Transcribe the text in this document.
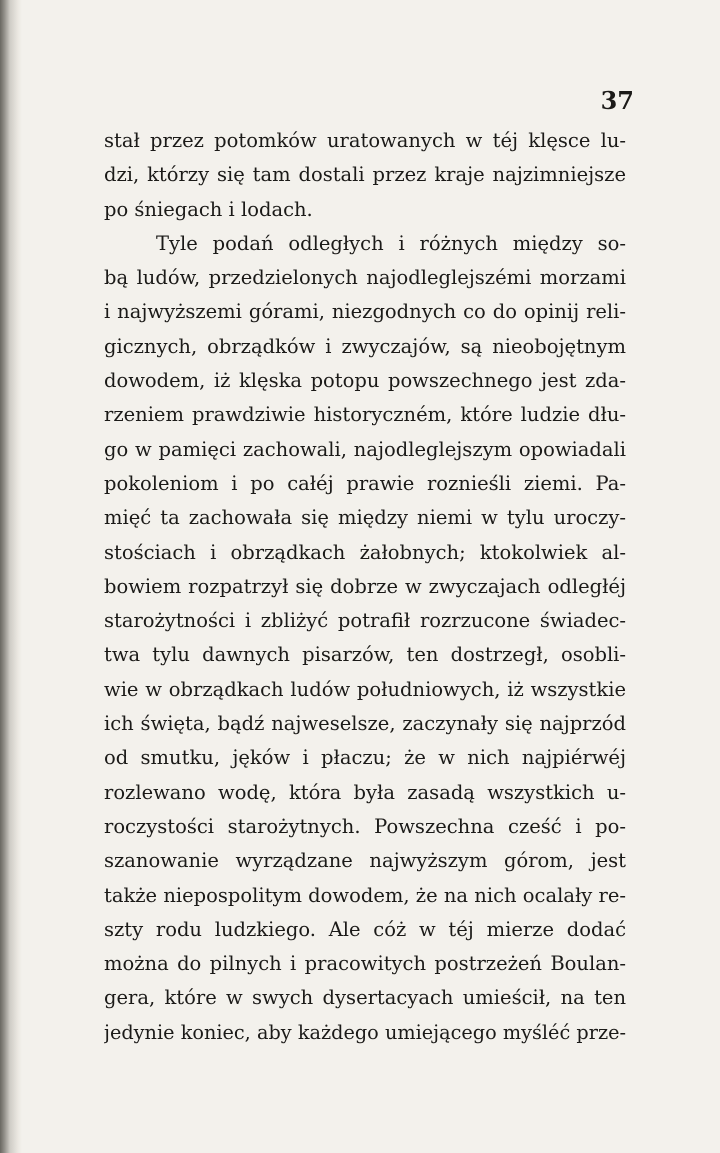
37
stał przez potomków uratowanych w téj klęsce lu-
dzi, którzy się tam dostali przez kraje najzimniejsze
po śniegach i lodach.
Tyle podań odległych i różnych między so-
bą ludów, przedzielonych najodleglejszémi morzami
i najwyższemi górami, niezgodnych co do opinij reli-
gicznych, obrządków i zwyczajów, są nieobojętnym
dowodem, iż klęska potopu powszechnego jest zda-
rzeniem prawdziwie historyczném, które ludzie dłu-
go w pamięci zachowali, najodleglejszym opowiadali
pokoleniom i po całéj prawie roznieśli ziemi. Pa-
mięć ta zachowała się między niemi w tylu uroczy-
stościach i obrządkach żałobnych; ktokolwiek al-
bowiem rozpatrzył się dobrze w zwyczajach odległéj
starożytności i zbliżyć potrafił rozrzucone świadec-
twa tylu dawnych pisarzów, ten dostrzegł, osobli-
wie w obrządkach ludów południowych, iż wszystkie
ich święta, bądź najweselsze, zaczynały się najprzód
od smutku, jęków i płaczu; że w nich najpiérwéj
rozlewano wodę, która była zasadą wszystkich u-
roczystości starożytnych. Powszechna cześć i po-
szanowanie wyrządzane najwyższym górom, jest
także niepospolitym dowodem, że na nich ocalały re-
szty rodu ludzkiego. Ale cóż w téj mierze dodać
można do pilnych i pracowitych postrzeżeń Boulan-
gera, które w swych dysertacyach umieścił, na ten
jedynie koniec, aby każdego umiejącego myśléć prze-
